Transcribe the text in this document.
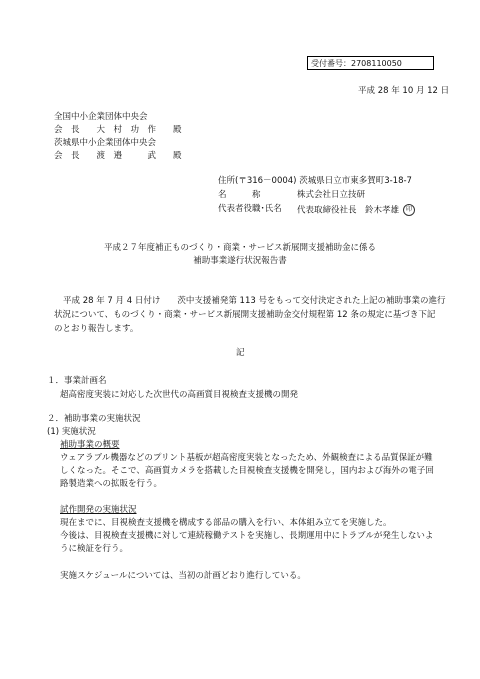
受付番号：2708110050
平成 28 年 10 月 12 日
全国中小企業団体中央会
会　長　　大　村　功　作　　殿
茨城県中小企業団体中央会
会　長　　渡　邉　　　武　　殿
住所(〒316－0004) 茨城県日立市東多賀町3-18-7
名　　　称	株式会社日立技研
代表者役職･氏名 代表取締役社長　鈴木孝雄 印
平成２７年度補正ものづくり・商業・サービス新展開支援補助金に係る
補助事業遂行状況報告書
平成 28 年 7 月 4 日付け　　茨中支援補発第 113 号をもって交付決定された上記の補助事業の進行
状況について、ものづくり・商業・サービス新展開支援補助金交付規程第 12 条の規定に基づき下記
のとおり報告します。
記
１．事業計画名
超高密度実装に対応した次世代の高画質目視検査支援機の開発
２．補助事業の実施状況
(1) 実施状況
補助事業の概要
ウェアラブル機器などのプリント基板が超高密度実装となったため、外観検査による品質保証が難
しくなった。そこで、高画質カメラを搭載した目視検査支援機を開発し，国内および海外の電子回
路製造業への拡販を行う。
試作開発の実施状況
現在までに、目視検査支援機を構成する部品の購入を行い、本体組み立てを実施した。
今後は、目視検査支援機に対して連続稼働テストを実施し、長期運用中にトラブルが発生しないよ
うに検証を行う。
実施スケジュールについては、当初の計画どおり進行している。
